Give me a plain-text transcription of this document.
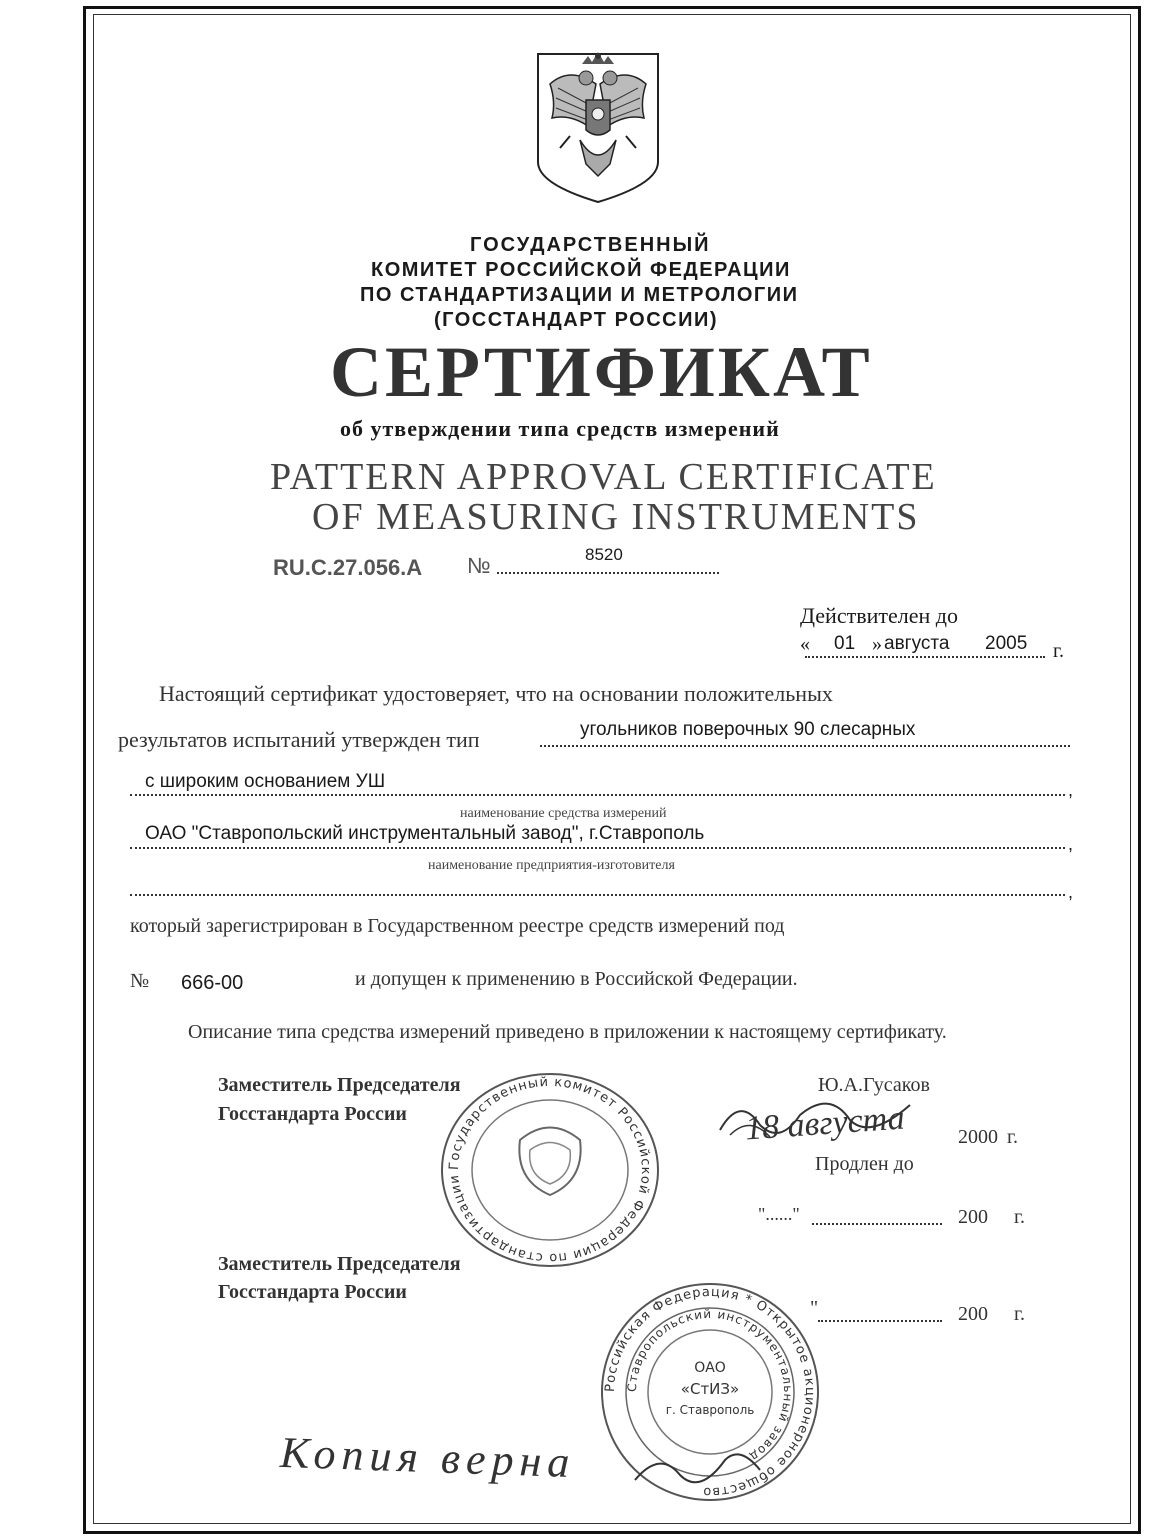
ГОСУДАРСТВЕННЫЙ
КОМИТЕТ РОССИЙСКОЙ ФЕДЕРАЦИИ
ПО СТАНДАРТИЗАЦИИ И МЕТРОЛОГИИ
(ГОССТАНДАРТ РОССИИ)
СЕРТИФИКАТ
об утверждении типа средств измерений
PATTERN APPROVAL CERTIFICATE
OF MEASURING INSTRUMENTS
RU.C.27.056.A №	8520
Действителен до
« 01 » августа 2005 г.
Настоящий сертификат удостоверяет, что на основании положительных
результатов испытаний утвержден тип	угольников поверочных 90 слесарных
с широким основанием УШ	,
наименование средства измерений
ОАО "Ставропольский инструментальный завод", г.Ставрополь	,
наименование предприятия-изготовителя
,
который зарегистрирован в Государственном реестре средств измерений под
№ 666-00	и допущен к применению в Российской Федерации.
Описание типа средства измерений приведено в приложении к настоящему сертификату.
Заместитель Председателя
Госстандарта России
Ю.А.Гусаков
18 августа	2000 г.
Продлен до
"......"	200 г.
Заместитель Председателя
Госстандарта России
"	200 г.
Государственный комитет Российской Федерации по стандартизации
Российская Федерация * Открытое акционерное общество
Ставропольский инструментальный завод
ОАО
«СтИЗ»
г. Ставрополь
Копия верна
